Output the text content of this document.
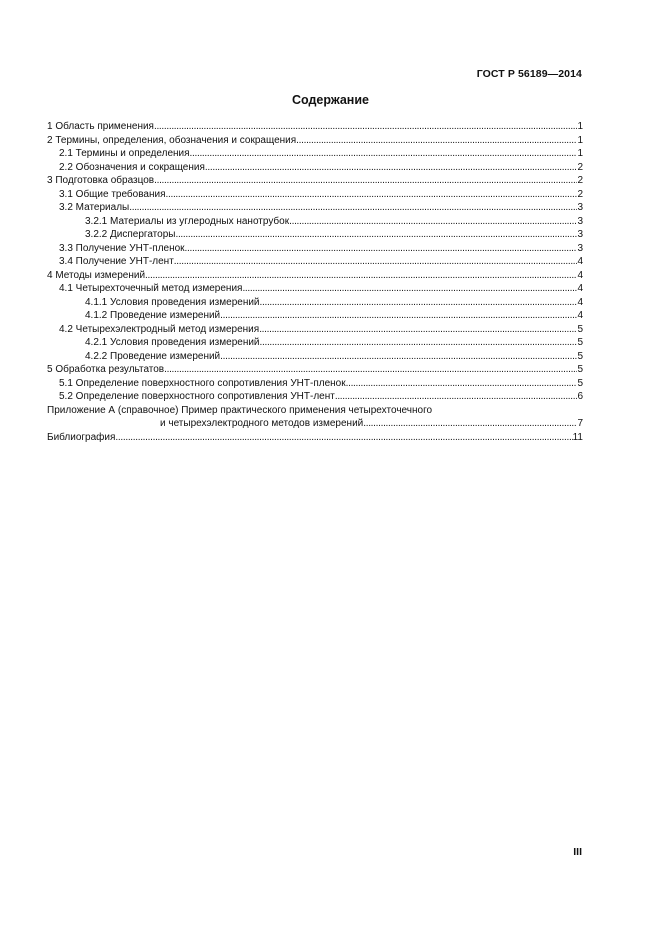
ГОСТ Р 56189—2014
Содержание
1 Область применения .....	1
2 Термины, определения, обозначения и сокращения .....	1
2.1 Термины и определения .....	1
2.2 Обозначения и сокращения .....	2
3 Подготовка образцов .....	2
3.1 Общие требования .....	2
3.2 Материалы .....	3
3.2.1 Материалы из углеродных нанотрубок .....	3
3.2.2 Диспергаторы .....	3
3.3 Получение УНТ-пленок .....	3
3.4 Получение УНТ-лент .....	4
4 Методы измерений .....	4
4.1 Четырехточечный метод измерения .....	4
4.1.1 Условия проведения измерений .....	4
4.1.2 Проведение измерений .....	4
4.2 Четырехэлектродный метод измерения .....	5
4.2.1 Условия проведения измерений .....	5
4.2.2 Проведение измерений .....	5
5 Обработка результатов .....	5
5.1 Определение поверхностного сопротивления УНТ-пленок .....	5
5.2 Определение поверхностного сопротивления УНТ-лент .....	6
Приложение А (справочное) Пример практического применения четырехточечного
и четырехэлектродного методов измерений .....	7
Библиография .....	11
III
